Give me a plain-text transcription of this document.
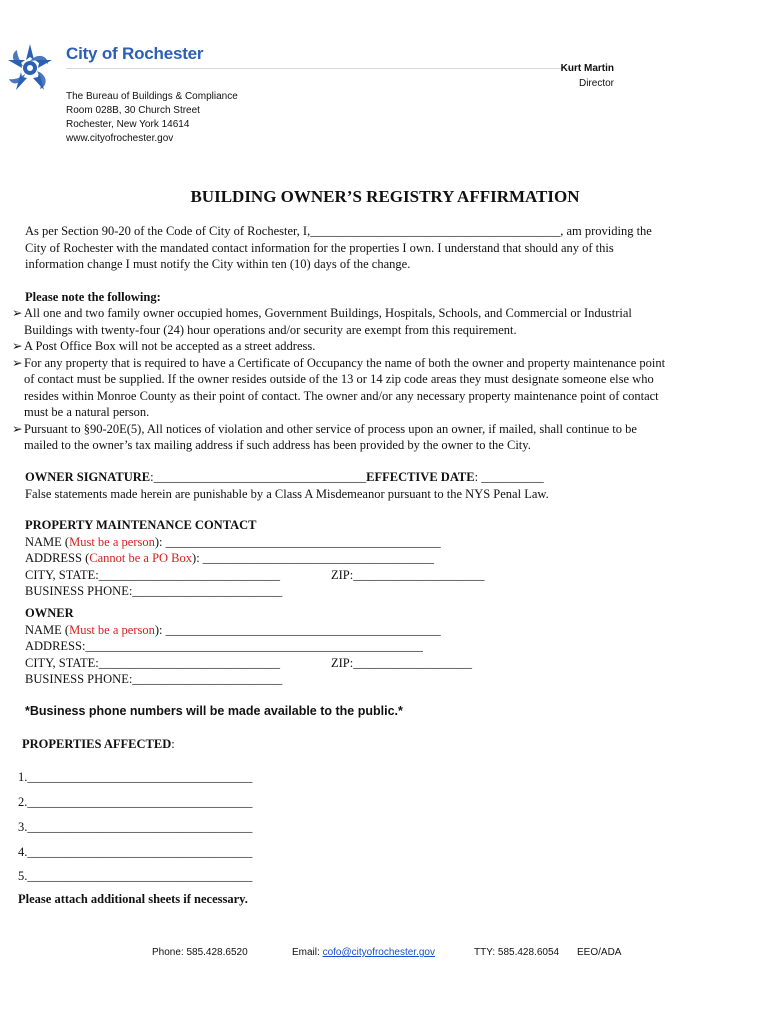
City of Rochester
Kurt Martin
Director
The Bureau of Buildings & Compliance
Room 028B, 30 Church Street
Rochester, New York 14614
www.cityofrochester.gov
BUILDING OWNER’S REGISTRY AFFIRMATION
As per Section 90-20 of the Code of City of Rochester, I,________________________________________, am providing the
City of Rochester with the mandated contact information for the properties I own. I understand that should any of this
information change I must notify the City within ten (10) days of the change.
Please note the following:
➢ All one and two family owner occupied homes, Government Buildings, Hospitals, Schools, and Commercial or Industrial
Buildings with twenty-four (24) hour operations and/or security are exempt from this requirement.
➢ A Post Office Box will not be accepted as a street address.
➢ For any property that is required to have a Certificate of Occupancy the name of both the owner and property maintenance point
of contact must be supplied. If the owner resides outside of the 13 or 14 zip code areas they must designate someone else who
resides within Monroe County as their point of contact. The owner and/or any necessary property maintenance point of contact
must be a natural person.
➢ Pursuant to §90-20E(5), All notices of violation and other service of process upon an owner, if mailed, shall continue to be
mailed to the owner’s tax mailing address if such address has been provided by the owner to the City.
OWNER SIGNATURE:__________________________________EFFECTIVE DATE: __________
False statements made herein are punishable by a Class A Misdemeanor pursuant to the NYS Penal Law.
PROPERTY MAINTENANCE CONTACT
NAME (Must be a person): ____________________________________________
ADDRESS (Cannot be a PO Box): _____________________________________
CITY, STATE:_____________________________	ZIP:_____________________
BUSINESS PHONE:________________________
OWNER
NAME (Must be a person): ____________________________________________
ADDRESS:______________________________________________________
CITY, STATE:_____________________________	ZIP:___________________
BUSINESS PHONE:________________________
*Business phone numbers will be made available to the public.*
PROPERTIES AFFECTED:
1.____________________________________
2.____________________________________
3.____________________________________
4.____________________________________
5.____________________________________
Please attach additional sheets if necessary.
Phone: 585.428.6520	Email: cofo@cityofrochester.gov	TTY: 585.428.6054 EEO/ADA
